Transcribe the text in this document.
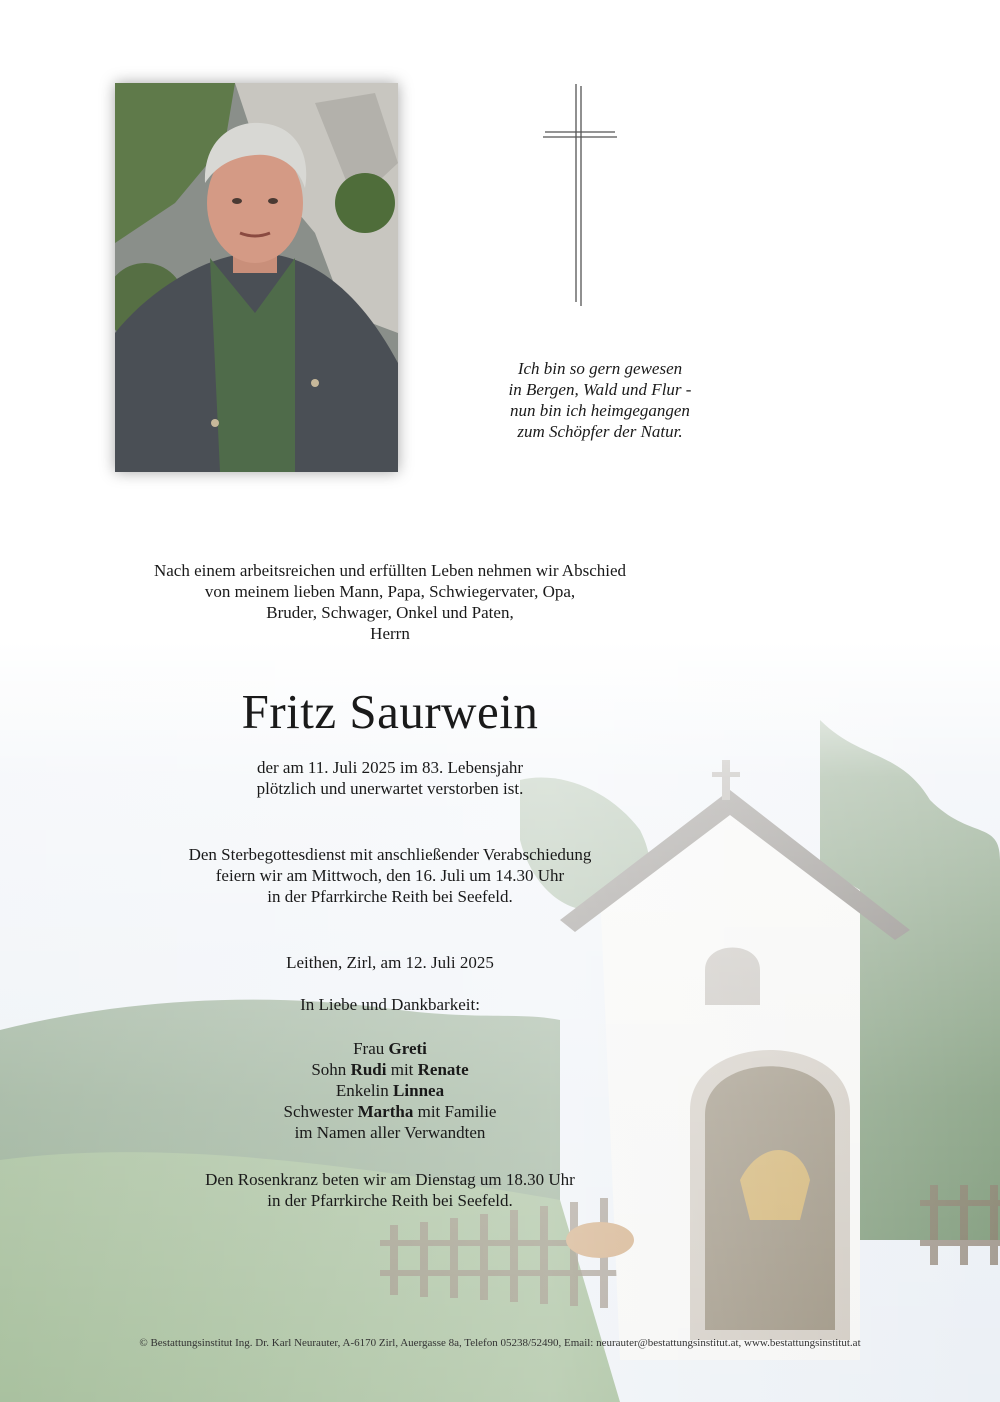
Ich bin so gern gewesen
in Bergen, Wald und Flur -
nun bin ich heimgegangen
zum Schöpfer der Natur.
Nach einem arbeitsreichen und erfüllten Leben nehmen wir Abschied
von meinem lieben Mann, Papa, Schwiegervater, Opa,
Bruder, Schwager, Onkel und Paten,
Herrn
Fritz Saurwein
der am 11. Juli 2025 im 83. Lebensjahr
plötzlich und unerwartet verstorben ist.
Den Sterbegottesdienst mit anschließender Verabschiedung
feiern wir am Mittwoch, den 16. Juli um 14.30 Uhr
in der Pfarrkirche Reith bei Seefeld.
Leithen, Zirl, am 12. Juli 2025
In Liebe und Dankbarkeit:
Frau Greti
Sohn Rudi mit Renate
Enkelin Linnea
Schwester Martha mit Familie
im Namen aller Verwandten
Den Rosenkranz beten wir am Dienstag um 18.30 Uhr
in der Pfarrkirche Reith bei Seefeld.
© Bestattungsinstitut Ing. Dr. Karl Neurauter, A-6170 Zirl, Auergasse 8a, Telefon 05238/52490, Email: neurauter@bestattungsinstitut.at, www.bestattungsinstitut.at
